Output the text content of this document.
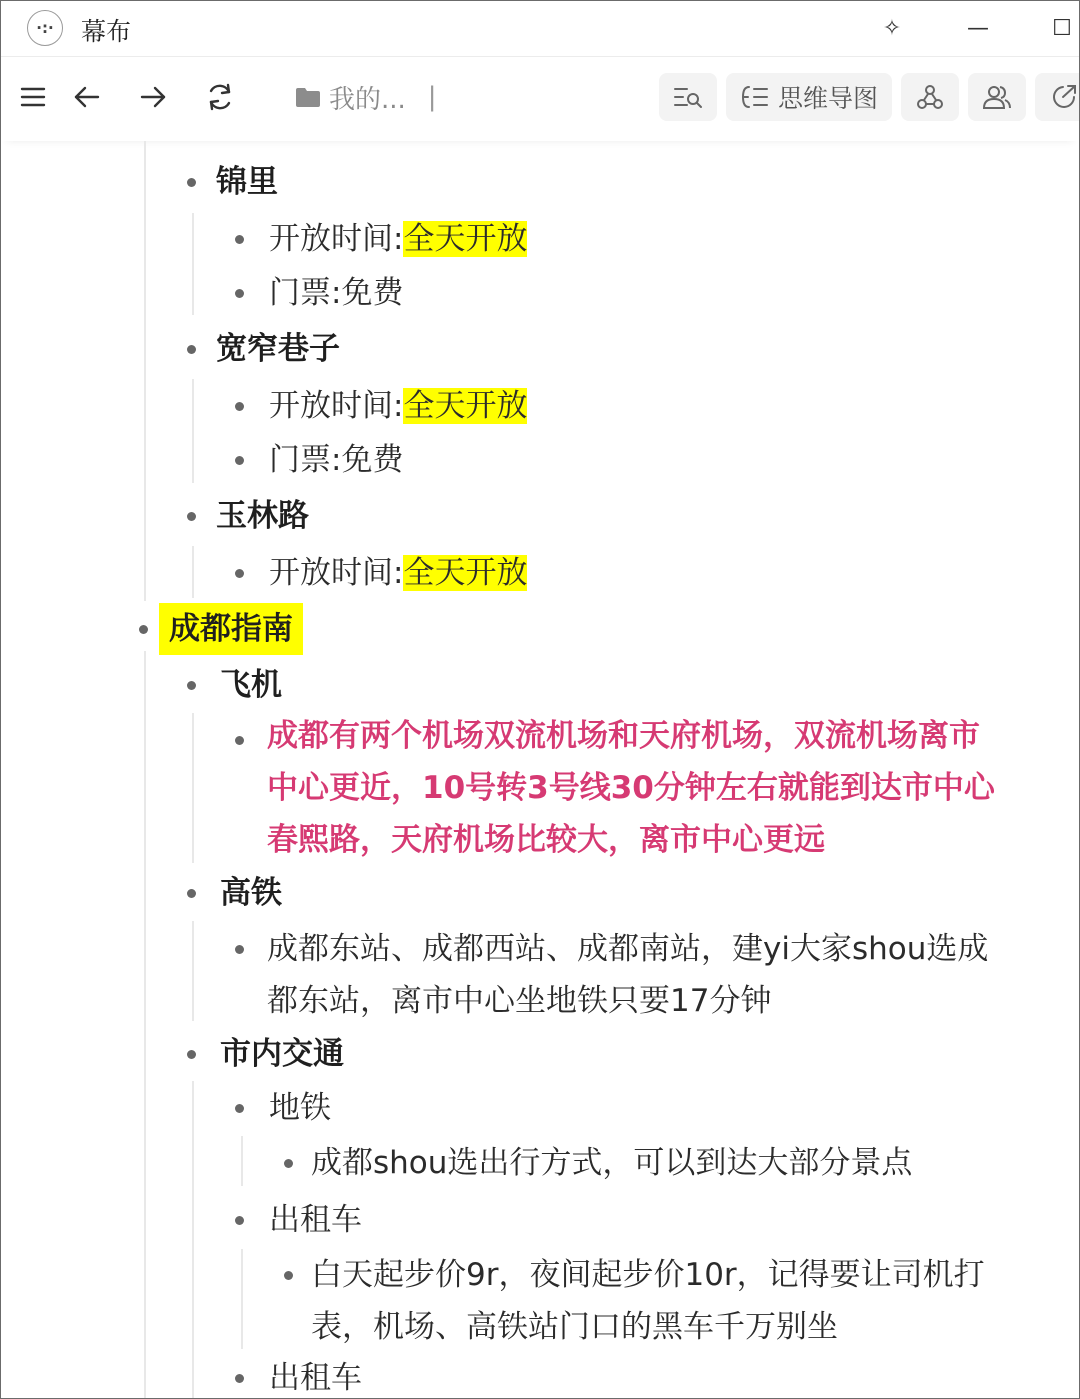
·:·	幕布	✧	—	☐
我的... |	思维导图
锦里
开放时间:全天开放
门票:免费
宽窄巷子
开放时间:全天开放
门票:免费
玉林路
开放时间:全天开放
成都指南
飞机
成都有两个机场双流机场和天府机场，双流机场离市
中心更近，10号转3号线30分钟左右就能到达市中心
春熙路，天府机场比较大，离市中心更远
高铁
成都东站、成都西站、成都南站，建yi大家shou选成
都东站，离市中心坐地铁只要17分钟
市内交通
地铁
成都shou选出行方式，可以到达大部分景点
出租车
白天起步价9r，夜间起步价10r，记得要让司机打
表，机场、高铁站门口的黑车千万别坐
出租车
